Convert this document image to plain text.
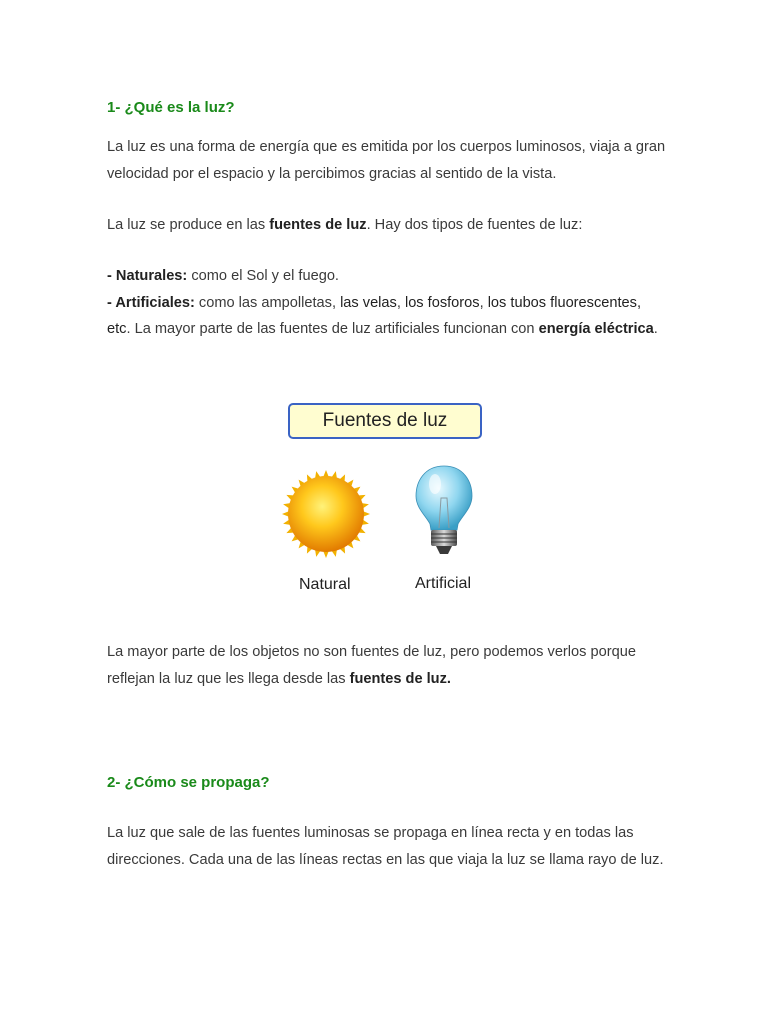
1- ¿Qué es la luz?

La luz es una forma de energía que es emitida por los cuerpos luminosos, viaja a gran velocidad por el espacio y la percibimos gracias al sentido de la vista.

La luz se produce en las fuentes de luz. Hay dos tipos de fuentes de luz:

- Naturales: como el Sol y el fuego.
- Artificiales: como las ampolletas, las velas, los fosforos, los tubos fluorescentes, etc. La mayor parte de las fuentes de luz artificiales funcionan con energía eléctrica.

La mayor parte de los objetos no son fuentes de luz, pero podemos verlos porque reflejan la luz que les llega desde las fuentes de luz.

2- ¿Cómo se propaga?

La luz que sale de las fuentes luminosas se propaga en línea recta y en todas las direcciones. Cada una de las líneas rectas en las que viaja la luz se llama rayo de luz.

Fuentes de luz
Natural	Artificial
